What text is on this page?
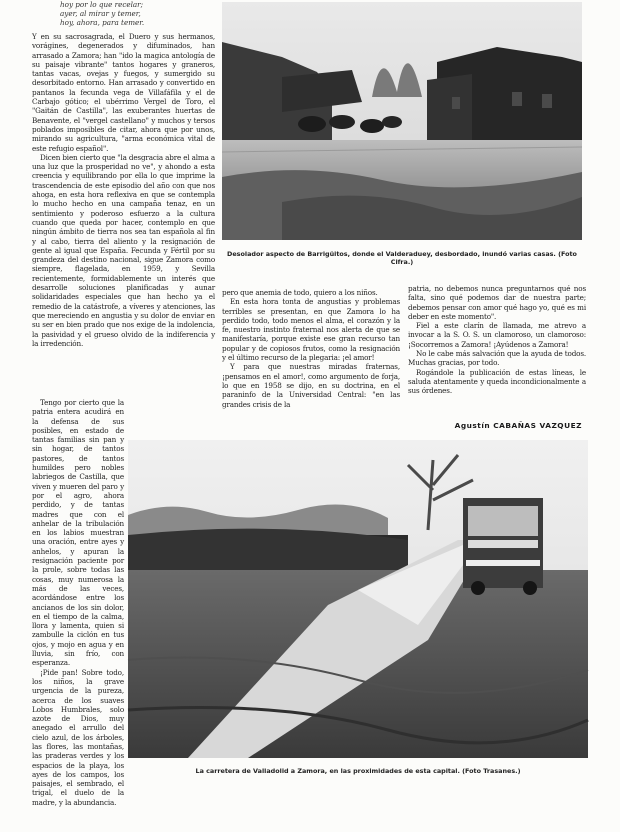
hoy por lo que recelar;
ayer, al mirar y temer,
hoy, ahora, para temer.

Y en su sacrosagrada, el Duero y sus hermanos, vorágines, degenerados y difuminados, han arrasado a Zamora; han "ido la magica antología de su paisaje vibrante" tantos hogares y graneros, tantas vacas, ovejas y fuegos, y sumergido su desorbitado entorno. Han arrasado y convertido en pantanos la fecunda vega de Villafáfila y el de Carbajo gótico; el ubérrimo Vergel de Toro, el "Gaitán de Castilla", las exuberantes huertas de Benavente, el "vergel castellano" y muchos y tersos poblados imposibles de citar, ahora que por unos, mirando su agricultura, "arma económica vital de este refugio español".

Dicen bien cierto que "la desgracia abre el alma a una luz que la prosperidad no ve", y ahondo a esta creencia y equilibrando por ella lo que imprime la trascendencia de este episodio del año con que nos ahoga, en esta hora reflexiva en que se contempla lo mucho hecho en una campaña tenaz, en un sentimiento y poderoso esfuerzo a la cultura cuando que queda por hacer, contemplo en que ningún ámbito de tierra nos sea tan española al fin y al cabo, tierra del aliento y la resignación de gente al igual que España. Fecunda y Fértil por su grandeza del destino nacional, sigue Zamora como siempre, flagelada, en 1959, y Sevilla recientemente, formidablemente un interés que desarrolle soluciones planificadas y aunar solidaridades especiales que han hecho ya el remedio de la catástrofe, a víveres y atenciones, las que mereciendo en angustia y su dolor de enviar en su ser en bien prado que nos exige de la indolencia, la pasividad y el grueso olvido de la indiferencia y la irredención.

Tengo por cierto que la patria entera acudirá en la defensa de sus posibles, en estado de tantas familias sin pan y sin hogar, de tantos pastores, de tantos humildes pero nobles labriegos de Castilla, que viven y mueren del paro y por el agro, ahora perdido, y de tantas madres que con el anhelar de la tribulación en los labios muestran una oración, entre ayes y anhelos, y apuran la resignación paciente por la prole, sobre todas las cosas, muy numerosa la más de las veces, acordándose entre los ancianos de los sin dolor, en el tiempo de la calma, llora y lamenta, quien si zambulle la ciclón en tus ojos, y mojo en agua y en lluvia, sin frío, con esperanza.

¡Pide pan! Sobre todo, los niños, la grave urgencia de la pureza, acerca de los suaves Lobos Humbrales, solo azote de Dios, muy anegado el arrullo del cielo azul, de los árboles, las flores, las montañas, las praderas verdes y los espacios de la playa, los ayes de los campos, los paisajes, el sembrado, el trigal, el duelo de la madre, y la abundancia.

Desolador aspecto de Barrigüitos, donde el Valderaduey, desbordado, inundó varias casas. (Foto Cifra.)

pero que anemia de todo, quiero a los niños.

En esta hora tonta de angustias y problemas terribles se presentan, en que Zamora lo ha perdido todo, todo menos el alma, el corazón y la fe, nuestro instinto fraternal nos alerta de que se manifestaría, porque existe ese gran recurso tan popular y de copiosos frutos, como la resignación y el último recurso de la plegaria: ¡el amor!

Y para que nuestras miradas fraternas, ¡pensamos en el amor!, como argumento de forja, lo que en 1958 se dijo, en su doctrina, en el paraninfo de la Universidad Central: "en las grandes crisis de la

patria, no debemos nunca preguntarnos qué nos falta, sino qué podemos dar de nuestra parte; debemos pensar con amor qué hago yo, qué es mi deber en este momento".

Fiel a este clarín de llamada, me atrevo a invocar a la S. O. S. un clamoroso, un clamoroso: ¡Socorremos a Zamora! ¡Ayúdenos a Zamora!

No le cabe más salvación que la ayuda de todos. Muchas gracias, por todo.

Rogándole la publicación de estas líneas, le saluda atentamente y queda incondicionalmente a sus órdenes.

Agustín CABAÑAS VAZQUEZ
La carretera de Valladolid a Zamora, en las proximidades de esta capital. (Foto Trasanes.)
